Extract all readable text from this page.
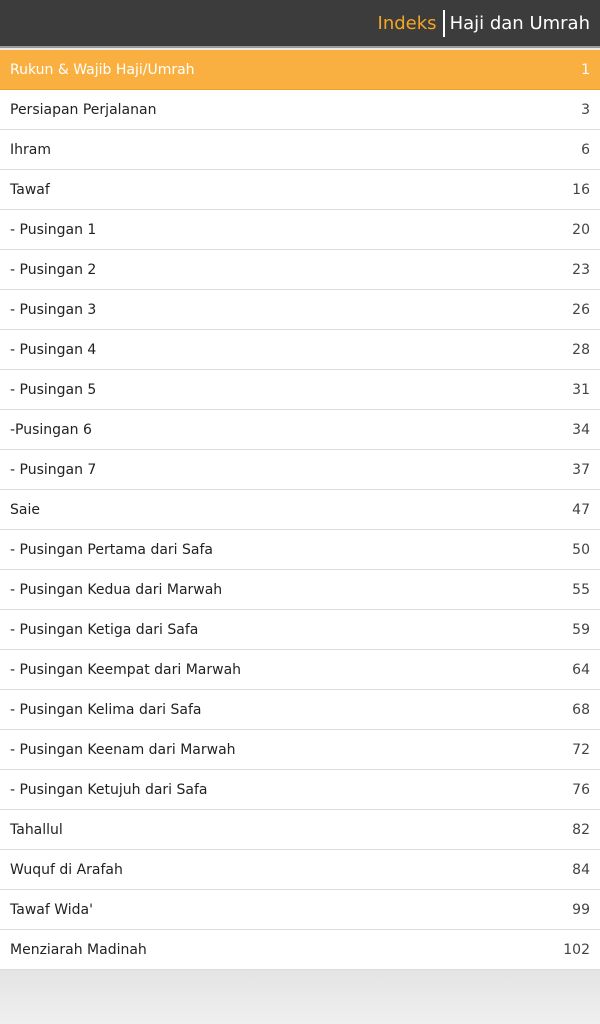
Indeks Haji dan Umrah
Rukun & Wajib Haji/Umrah	1
Persiapan Perjalanan	3
Ihram	6
Tawaf	16
- Pusingan 1	20
- Pusingan 2	23
- Pusingan 3	26
- Pusingan 4	28
- Pusingan 5	31
-Pusingan 6	34
- Pusingan 7	37
Saie	47
- Pusingan Pertama dari Safa	50
- Pusingan Kedua dari Marwah	55
- Pusingan Ketiga dari Safa	59
- Pusingan Keempat dari Marwah	64
- Pusingan Kelima dari Safa	68
- Pusingan Keenam dari Marwah	72
- Pusingan Ketujuh dari Safa	76
Tahallul	82
Wuquf di Arafah	84
Tawaf Wida'	99
Menziarah Madinah	102
